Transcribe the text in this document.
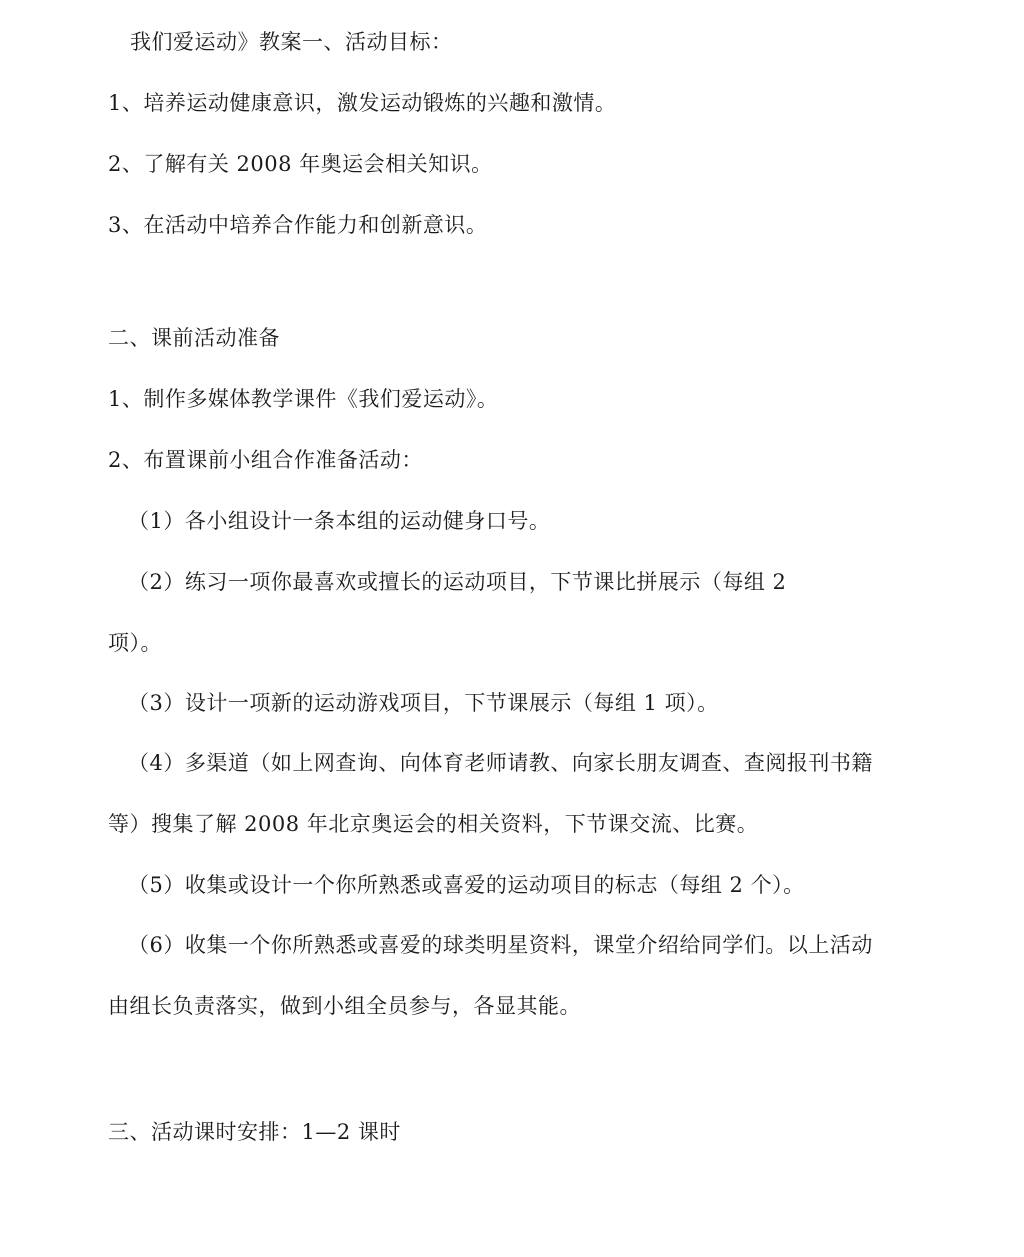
我们爱运动》教案一、活动目标：
1、培养运动健康意识，激发运动锻炼的兴趣和激情。
2、了解有关 2008 年奥运会相关知识。
3、在活动中培养合作能力和创新意识。
二、课前活动准备
1、制作多媒体教学课件《我们爱运动》。
2、布置课前小组合作准备活动：
（1）各小组设计一条本组的运动健身口号。
（2）练习一项你最喜欢或擅长的运动项目，下节课比拼展示（每组 2
项）。
（3）设计一项新的运动游戏项目，下节课展示（每组 1 项）。
（4）多渠道（如上网查询、向体育老师请教、向家长朋友调查、查阅报刊书籍
等）搜集了解 2008 年北京奥运会的相关资料，下节课交流、比赛。
（5）收集或设计一个你所熟悉或喜爱的运动项目的标志（每组 2 个）。
（6）收集一个你所熟悉或喜爱的球类明星资料，课堂介绍给同学们。以上活动
由组长负责落实，做到小组全员参与，各显其能。
三、活动课时安排：1—2 课时
